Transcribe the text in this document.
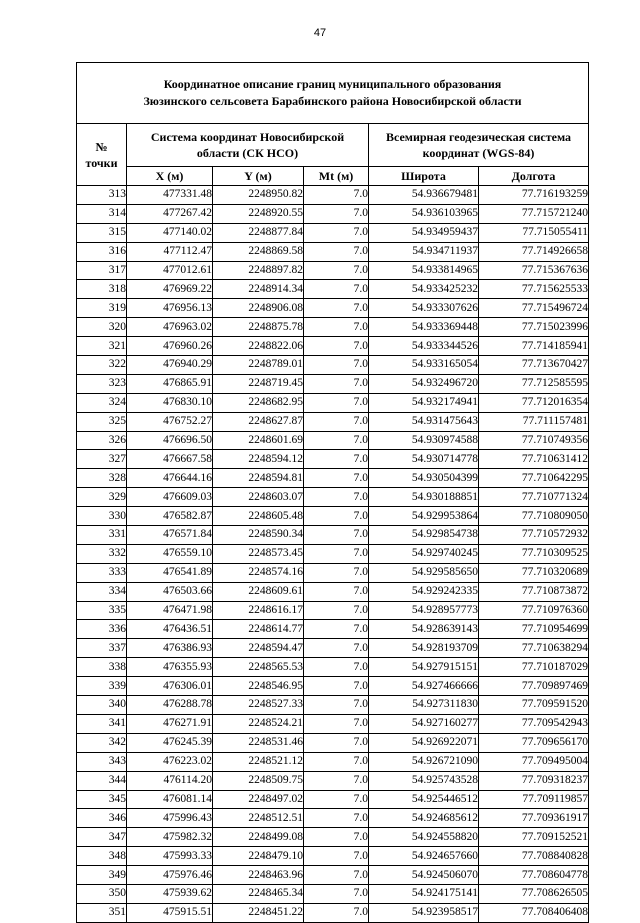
47
Координатное описание границ муниципального образования
Зюзинского сельсовета Барабинского района Новосибирской области					

№
точки	Система координат Новосибирской
области (СК НСО)			Всемирная геодезическая система
координат (WGS-84)	

	X (м)	Y (м)	Mt (м)	Широта	Долгота
313	477331.48	2248950.82	7.0	54.936679481	77.716193259
314	477267.42	2248920.55	7.0	54.936103965	77.715721240
315	477140.02	2248877.84	7.0	54.934959437	77.715055411
316	477112.47	2248869.58	7.0	54.934711937	77.714926658
317	477012.61	2248897.82	7.0	54.933814965	77.715367636
318	476969.22	2248914.34	7.0	54.933425232	77.715625533
319	476956.13	2248906.08	7.0	54.933307626	77.715496724
320	476963.02	2248875.78	7.0	54.933369448	77.715023996
321	476960.26	2248822.06	7.0	54.933344526	77.714185941
322	476940.29	2248789.01	7.0	54.933165054	77.713670427
323	476865.91	2248719.45	7.0	54.932496720	77.712585595
324	476830.10	2248682.95	7.0	54.932174941	77.712016354
325	476752.27	2248627.87	7.0	54.931475643	77.711157481
326	476696.50	2248601.69	7.0	54.930974588	77.710749356
327	476667.58	2248594.12	7.0	54.930714778	77.710631412
328	476644.16	2248594.81	7.0	54.930504399	77.710642295
329	476609.03	2248603.07	7.0	54.930188851	77.710771324
330	476582.87	2248605.48	7.0	54.929953864	77.710809050
331	476571.84	2248590.34	7.0	54.929854738	77.710572932
332	476559.10	2248573.45	7.0	54.929740245	77.710309525
333	476541.89	2248574.16	7.0	54.929585650	77.710320689
334	476503.66	2248609.61	7.0	54.929242335	77.710873872
335	476471.98	2248616.17	7.0	54.928957773	77.710976360
336	476436.51	2248614.77	7.0	54.928639143	77.710954699
337	476386.93	2248594.47	7.0	54.928193709	77.710638294
338	476355.93	2248565.53	7.0	54.927915151	77.710187029
339	476306.01	2248546.95	7.0	54.927466666	77.709897469
340	476288.78	2248527.33	7.0	54.927311830	77.709591520
341	476271.91	2248524.21	7.0	54.927160277	77.709542943
342	476245.39	2248531.46	7.0	54.926922071	77.709656170
343	476223.02	2248521.12	7.0	54.926721090	77.709495004
344	476114.20	2248509.75	7.0	54.925743528	77.709318237
345	476081.14	2248497.02	7.0	54.925446512	77.709119857
346	475996.43	2248512.51	7.0	54.924685612	77.709361917
347	475982.32	2248499.08	7.0	54.924558820	77.709152521
348	475993.33	2248479.10	7.0	54.924657660	77.708840828
349	475976.46	2248463.96	7.0	54.924506070	77.708604778
350	475939.62	2248465.34	7.0	54.924175141	77.708626505
351	475915.51	2248451.22	7.0	54.923958517	77.708406408
